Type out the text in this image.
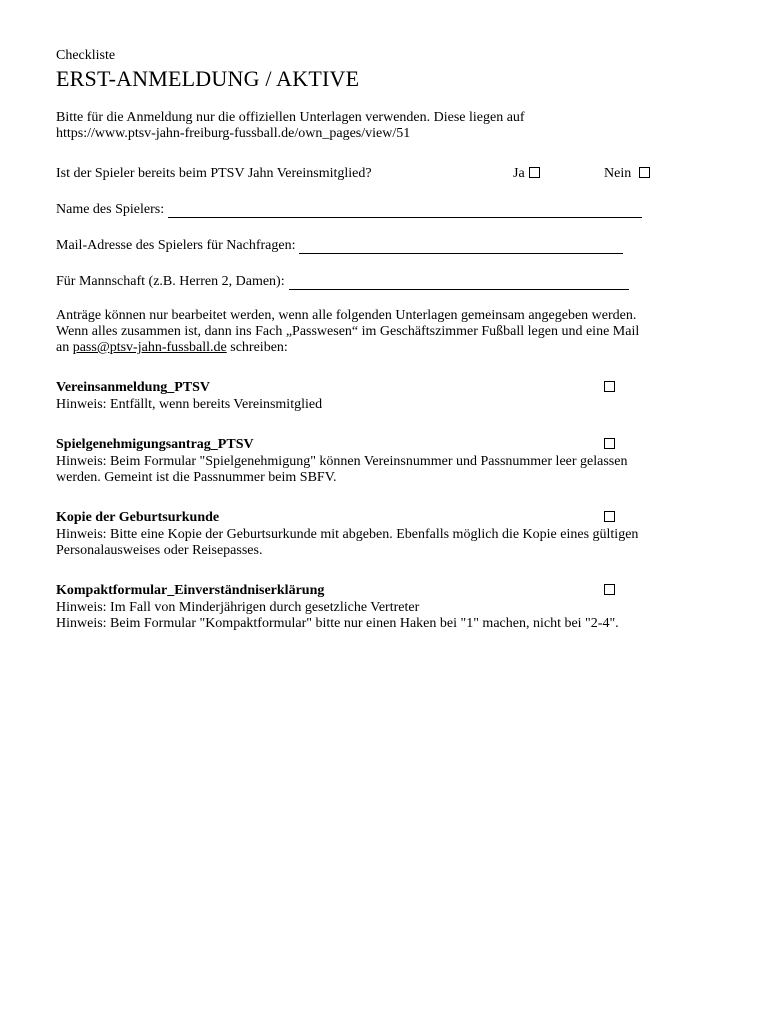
Checkliste

ERST-ANMELDUNG / AKTIVE
Bitte für die Anmeldung nur die offiziellen Unterlagen verwenden. Diese liegen auf
https://www.ptsv-jahn-freiburg-fussball.de/own_pages/view/51
Ist der Spieler bereits beim PTSV Jahn Vereinsmitglied?	Ja	Nein
Name des Spielers:
Mail-Adresse des Spielers für Nachfragen:
Für Mannschaft (z.B. Herren 2, Damen):
Anträge können nur bearbeitet werden, wenn alle folgenden Unterlagen gemeinsam angegeben werden.
Wenn alles zusammen ist, dann ins Fach „Passwesen“ im Geschäftszimmer Fußball legen und eine Mail
an pass@ptsv-jahn-fussball.de schreiben:
Vereinsanmeldung_PTSV
Hinweis: Entfällt, wenn bereits Vereinsmitglied
Spielgenehmigungsantrag_PTSV
Hinweis: Beim Formular "Spielgenehmigung" können Vereinsnummer und Passnummer leer gelassen
werden. Gemeint ist die Passnummer beim SBFV.
Kopie der Geburtsurkunde
Hinweis: Bitte eine Kopie der Geburtsurkunde mit abgeben. Ebenfalls möglich die Kopie eines gültigen
Personalausweises oder Reisepasses.
Kompaktformular_Einverständniserklärung
Hinweis: Im Fall von Minderjährigen durch gesetzliche Vertreter
Hinweis: Beim Formular "Kompaktformular" bitte nur einen Haken bei "1" machen, nicht bei "2-4".
